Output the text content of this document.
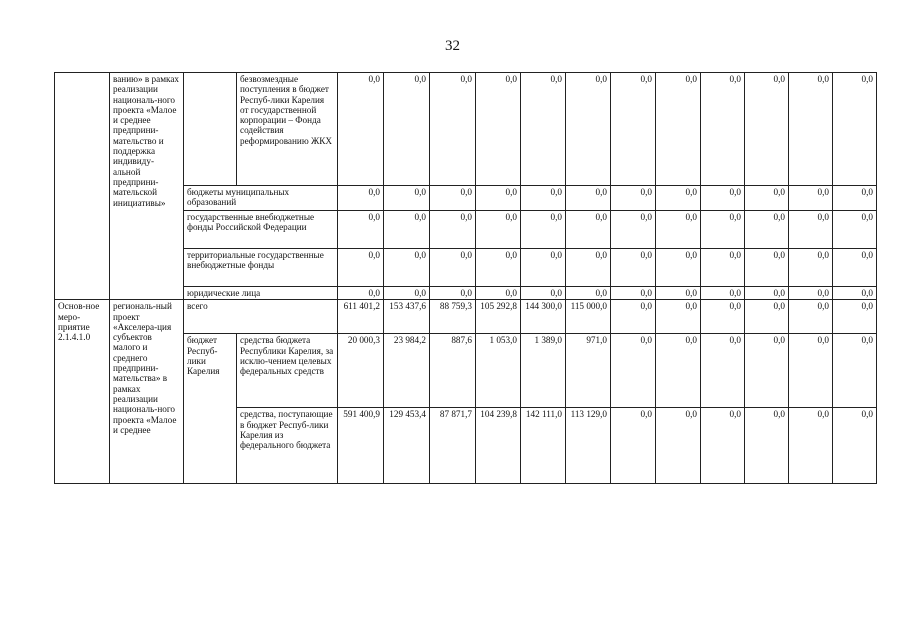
32
	ванию» в рамках реализации националь-ного проекта «Малое и среднее предприни-мательство и поддержка индивиду-альной предприни-мательской инициативы»		безвозмездные поступления в бюджет Респуб-лики Карелия от государственной корпорации – Фонда содействия реформированию ЖКХ	0,0	0,0	0,0	0,0	0,0	0,0	0,0	0,0	0,0	0,0	0,0	0,0
		бюджеты муниципальных образований		0,0	0,0	0,0	0,0	0,0	0,0	0,0	0,0	0,0	0,0	0,0	0,0
		государственные внебюджетные фонды Российской Федерации		0,0	0,0	0,0	0,0	0,0	0,0	0,0	0,0	0,0	0,0	0,0	0,0
		территориальные государственные внебюджетные фонды		0,0	0,0	0,0	0,0	0,0	0,0	0,0	0,0	0,0	0,0	0,0	0,0
		юридические лица		0,0	0,0	0,0	0,0	0,0	0,0	0,0	0,0	0,0	0,0	0,0	0,0
Основ-ное меро-приятие 2.1.4.1.0	региональ-ный проект «Акселера-ция субъектов малого и среднего предприни-мательства» в рамках реализации националь-ного проекта «Малое и среднее	всего		611 401,2	153 437,6	88 759,3	105 292,8	144 300,0	115 000,0	0,0	0,0	0,0	0,0	0,0	0,0
		бюджет Респуб-лики Карелия	средства бюджета Республики Карелия, за исклю-чением целевых федеральных средств	20 000,3	23 984,2	887,6	1 053,0	1 389,0	971,0	0,0	0,0	0,0	0,0	0,0	0,0
			средства, поступающие в бюджет Респуб-лики Карелия из федерального бюджета	591 400,9	129 453,4	87 871,7	104 239,8	142 111,0	113 129,0	0,0	0,0	0,0	0,0	0,0	0,0
